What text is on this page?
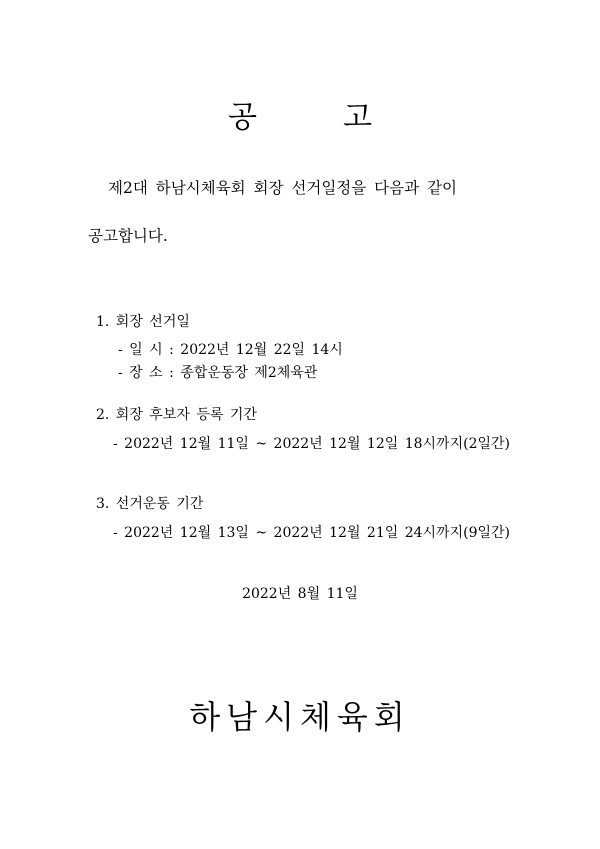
공	고
제2대 하남시체육회 회장 선거일정을 다음과 같이
공고합니다.
1. 회장 선거일
- 일 시 : 2022년 12월 22일 14시
- 장 소 : 종합운동장 제2체육관
2. 회장 후보자 등록 기간
- 2022년 12월 11일 ~ 2022년 12월 12일 18시까지(2일간)
3. 선거운동 기간
- 2022년 12월 13일 ~ 2022년 12월 21일 24시까지(9일간)
2022년 8월 11일
하남시체육회
